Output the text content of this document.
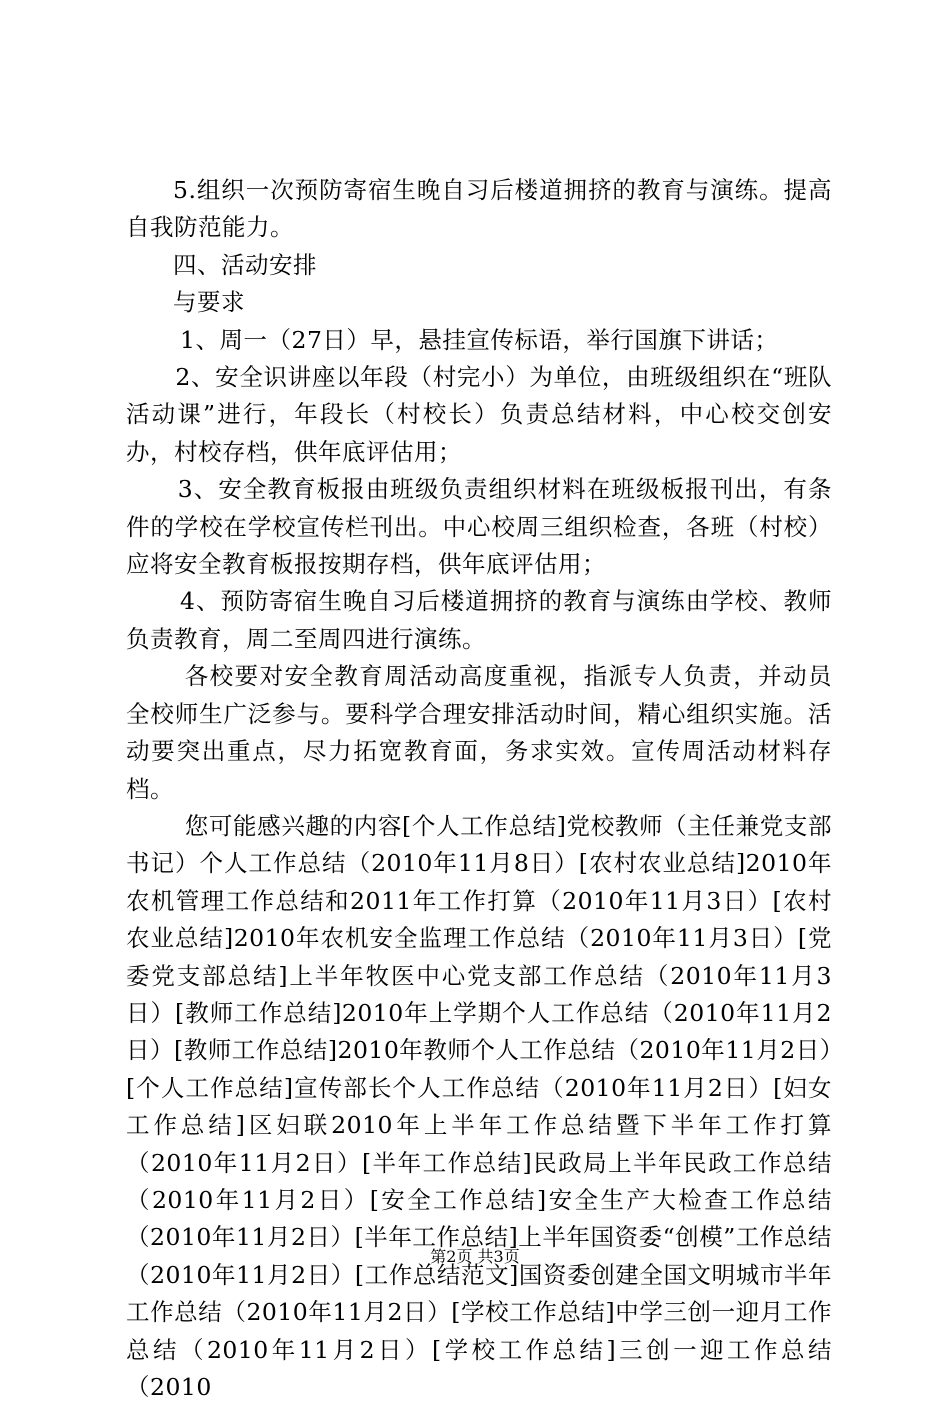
5.组织一次预防寄宿生晚自习后楼道拥挤的教育与演练。提高自我防范能力。

四、活动安排

与要求

1、周一（27日）早，悬挂宣传标语，举行国旗下讲话；

2、安全识讲座以年段（村完小）为单位，由班级组织在“班队活动课”进行，年段长（村校长）负责总结材料，中心校交创安办，村校存档，供年底评估用；

3、安全教育板报由班级负责组织材料在班级板报刊出，有条件的学校在学校宣传栏刊出。中心校周三组织检查，各班（村校）应将安全教育板报按期存档，供年底评估用；

4、预防寄宿生晚自习后楼道拥挤的教育与演练由学校、教师负责教育，周二至周四进行演练。

各校要对安全教育周活动高度重视，指派专人负责，并动员全校师生广泛参与。要科学合理安排活动时间，精心组织实施。活动要突出重点，尽力拓宽教育面，务求实效。宣传周活动材料存档。

您可能感兴趣的内容[个人工作总结]党校教师（主任兼党支部书记）个人工作总结（2010年11月8日）[农村农业总结]2010年农机管理工作总结和2011年工作打算（2010年11月3日）[农村农业总结]2010年农机安全监理工作总结（2010年11月3日）[党委党支部总结]上半年牧医中心党支部工作总结（2010年11月3日）[教师工作总结]2010年上学期个人工作总结（2010年11月2日）[教师工作总结]2010年教师个人工作总结（2010年11月2日）[个人工作总结]宣传部长个人工作总结（2010年11月2日）[妇女工作总结]区妇联2010年上半年工作总结暨下半年工作打算（2010年11月2日）[半年工作总结]民政局上半年民政工作总结（2010年11月2日）[安全工作总结]安全生产大检查工作总结（2010年11月2日）[半年工作总结]上半年国资委“创模”工作总结（2010年11月2日）[工作总结范文]国资委创建全国文明城市半年工作总结（2010年11月2日）[学校工作总结]中学三创一迎月工作总结（2010年11月2日）[学校工作总结]三创一迎工作总结（2010

第2页 共3页
